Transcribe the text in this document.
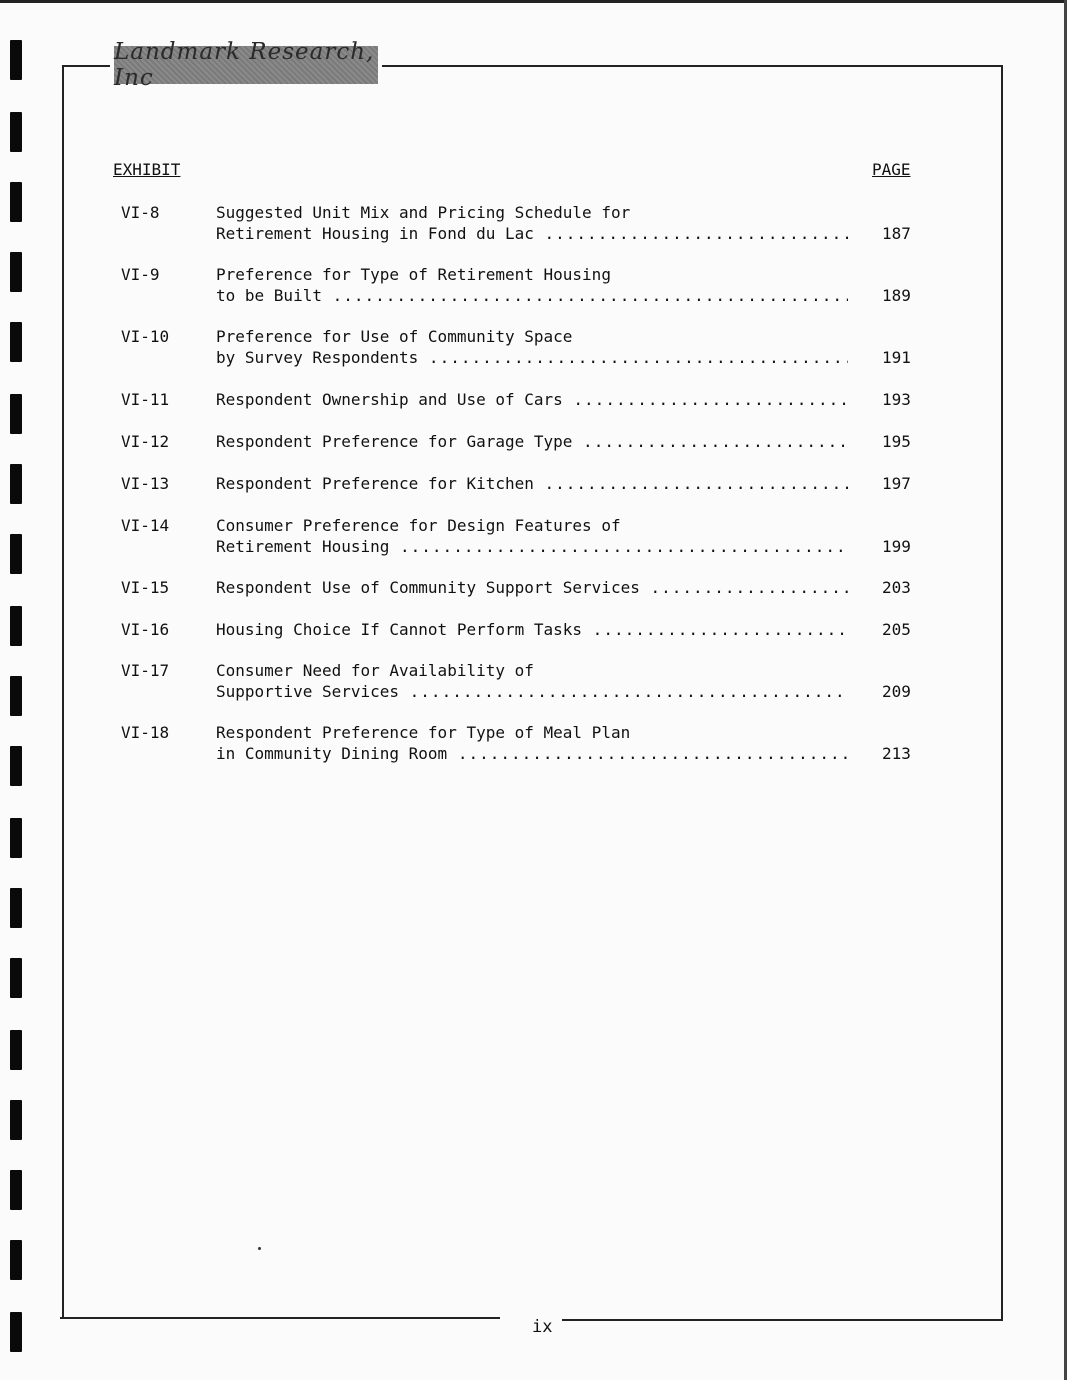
Landmark Research, Inc
EXHIBIT	PAGE
VI-8	Suggested Unit Mix and Pricing Schedule for
Retirement Housing in Fond du Lac .....	187
VI-9	Preference for Type of Retirement Housing
to be Built .....	189
VI-10	Preference for Use of Community Space
by Survey Respondents .....	191
VI-11	Respondent Ownership and Use of Cars .....	193
VI-12	Respondent Preference for Garage Type .....	195
VI-13	Respondent Preference for Kitchen .....	197
VI-14	Consumer Preference for Design Features of
Retirement Housing .....	199
VI-15	Respondent Use of Community Support Services .....	203
VI-16	Housing Choice If Cannot Perform Tasks .....	205
VI-17	Consumer Need for Availability of
Supportive Services .....	209
VI-18	Respondent Preference for Type of Meal Plan
in Community Dining Room .....	213
ix
